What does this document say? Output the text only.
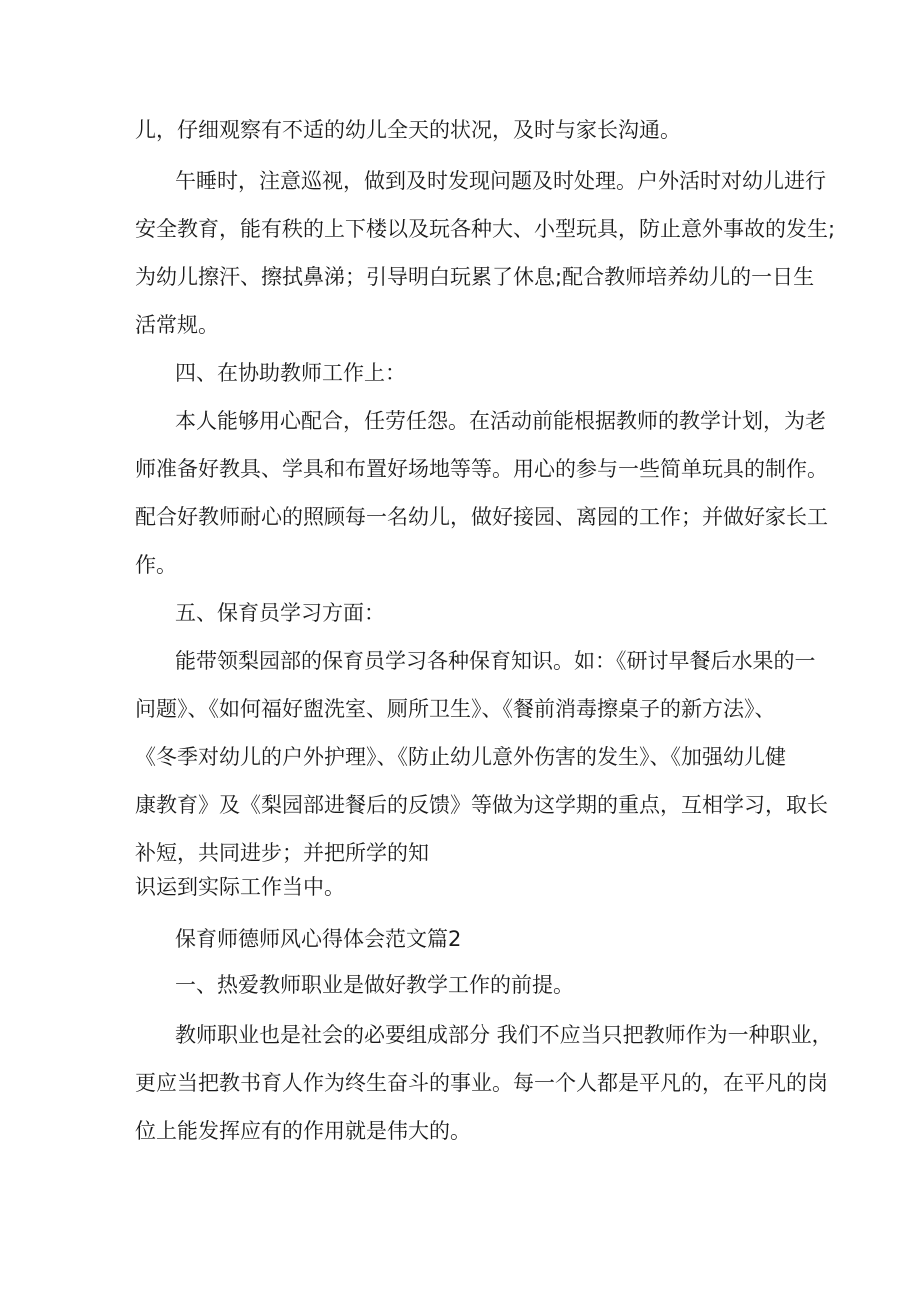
儿，仔细观察有不适的幼儿全天的状况，及时与家长沟通。
午睡时，注意巡视，做到及时发现问题及时处理。户外活时对幼儿进行
安全教育，能有秩的上下楼以及玩各种大、小型玩具，防止意外事故的发生;
为幼儿擦汗、擦拭鼻涕；引导明白玩累了休息;配合教师培养幼儿的一日生
活常规。
四、在协助教师工作上：
本人能够用心配合，任劳任怨。在活动前能根据教师的教学计划，为老
师准备好教具、学具和布置好场地等等。用心的参与一些简单玩具的制作。
配合好教师耐心的照顾每一名幼儿，做好接园、离园的工作；并做好家长工
作。
五、保育员学习方面：
能带领梨园部的保育员学习各种保育知识。如：《研讨早餐后水果的一
问题》、《如何福好盥洗室、厕所卫生》、《餐前消毒擦桌子的新方法》、
《冬季对幼儿的户外护理》、《防止幼儿意外伤害的发生》、《加强幼儿健
康教育》及《梨园部进餐后的反馈》等做为这学期的重点，互相学习，取长
补短，共同进步；并把所学的知
识运到实际工作当中。
保育师德师风心得体会范文篇2
一、热爱教师职业是做好教学工作的前提。
教师职业也是社会的必要组成部分 我们不应当只把教师作为一种职业，
更应当把教书育人作为终生奋斗的事业。每一个人都是平凡的，在平凡的岗
位上能发挥应有的作用就是伟大的。
